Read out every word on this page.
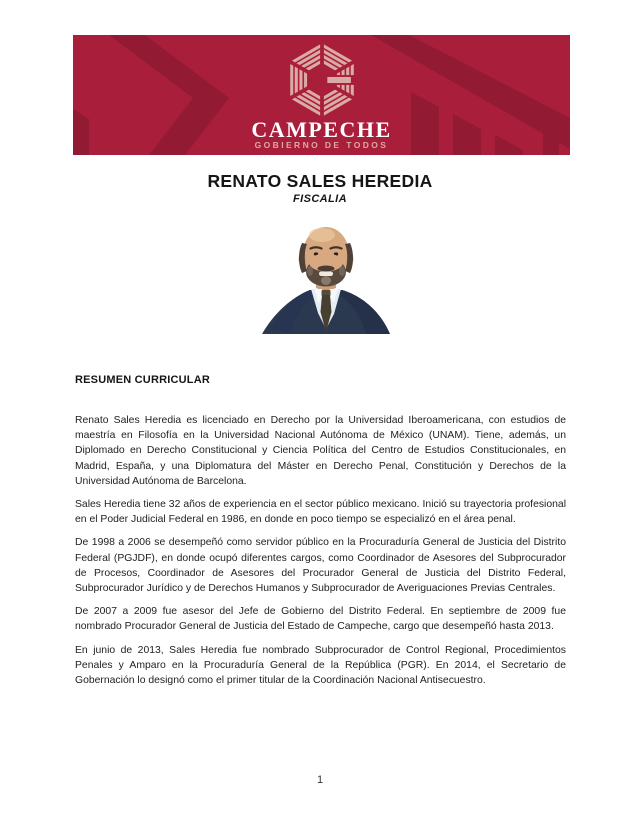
CAMPECHE
GOBIERNO DE TODOS
RENATO SALES HEREDIA
FISCALIA
RESUMEN CURRICULAR

Renato Sales Heredia es licenciado en Derecho por la Universidad Iberoamericana, con estudios de maestría en Filosofía en la Universidad Nacional Autónoma de México (UNAM). Tiene, además, un Diplomado en Derecho Constitucional y Ciencia Política del Centro de Estudios Constitucionales, en Madrid, España, y una Diplomatura del Máster en Derecho Penal, Constitución y Derechos de la Universidad Autónoma de Barcelona.

Sales Heredia tiene 32 años de experiencia en el sector público mexicano. Inició su trayectoria profesional en el Poder Judicial Federal en 1986, en donde en poco tiempo se especializó en el área penal.

De 1998 a 2006 se desempeñó como servidor público en la Procuraduría General de Justicia del Distrito Federal (PGJDF), en donde ocupó diferentes cargos, como Coordinador de Asesores del Subprocurador de Procesos, Coordinador de Asesores del Procurador General de Justicia del Distrito Federal, Subprocurador Jurídico y de Derechos Humanos y Subprocurador de Averiguaciones Previas Centrales.

De 2007 a 2009 fue asesor del Jefe de Gobierno del Distrito Federal. En septiembre de 2009 fue nombrado Procurador General de Justicia del Estado de Campeche, cargo que desempeñó hasta 2013.

En junio de 2013, Sales Heredia fue nombrado Subprocurador de Control Regional, Procedimientos Penales y Amparo en la Procuraduría General de la República (PGR). En 2014, el Secretario de Gobernación lo designó como el primer titular de la Coordinación Nacional Antisecuestro.

1
